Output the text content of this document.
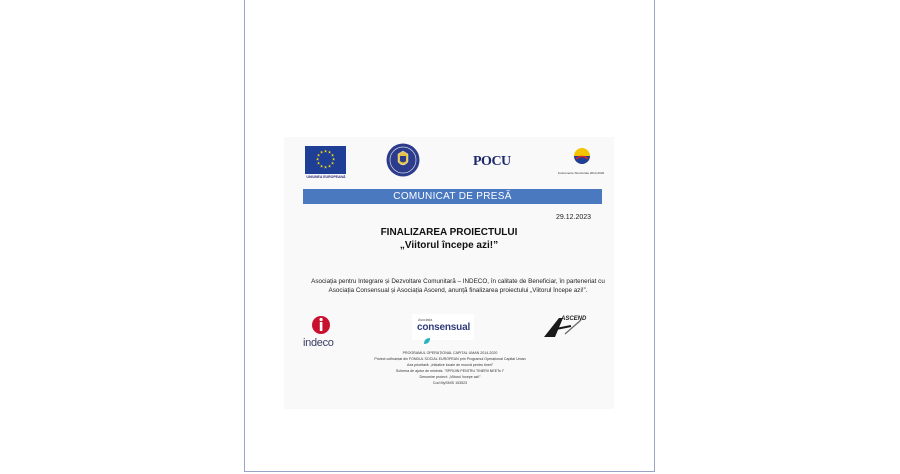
★ ★
★
★
★
★
★
★
★
★
★
★
UNIUNEA EUROPEANĂ
POCU
Instrumente Structurale 2014-2020
COMUNICAT DE PRESĂ
29.12.2023
FINALIZAREA PROIECTULUI
„Viitorul începe azi!”
Asociația pentru Integrare și Dezvoltare Comunitară – INDECO, în calitate de Beneficiar, în parteneriat cu Asociația Consensual și Asociația Ascend, anunță finalizarea proiectului „Viitorul începe azi!”.
indeco
Asociația
consensual
ASCEND
PROGRAMUL OPERAȚIONAL CAPITAL UMAN 2014-2020
Proiect cofinanțat din FONDUL SOCIAL EUROPEAN prin Programul Operațional Capital Uman
Axa prioritară: „Inițiative locale de muncă pentru tineri”
Schema de ajutor de minimis: "SPRIJIN PENTRU TINERII NEETs I"
Denumire proiect: „Viitorul începe azi!”
Cod MySMIS 153523
